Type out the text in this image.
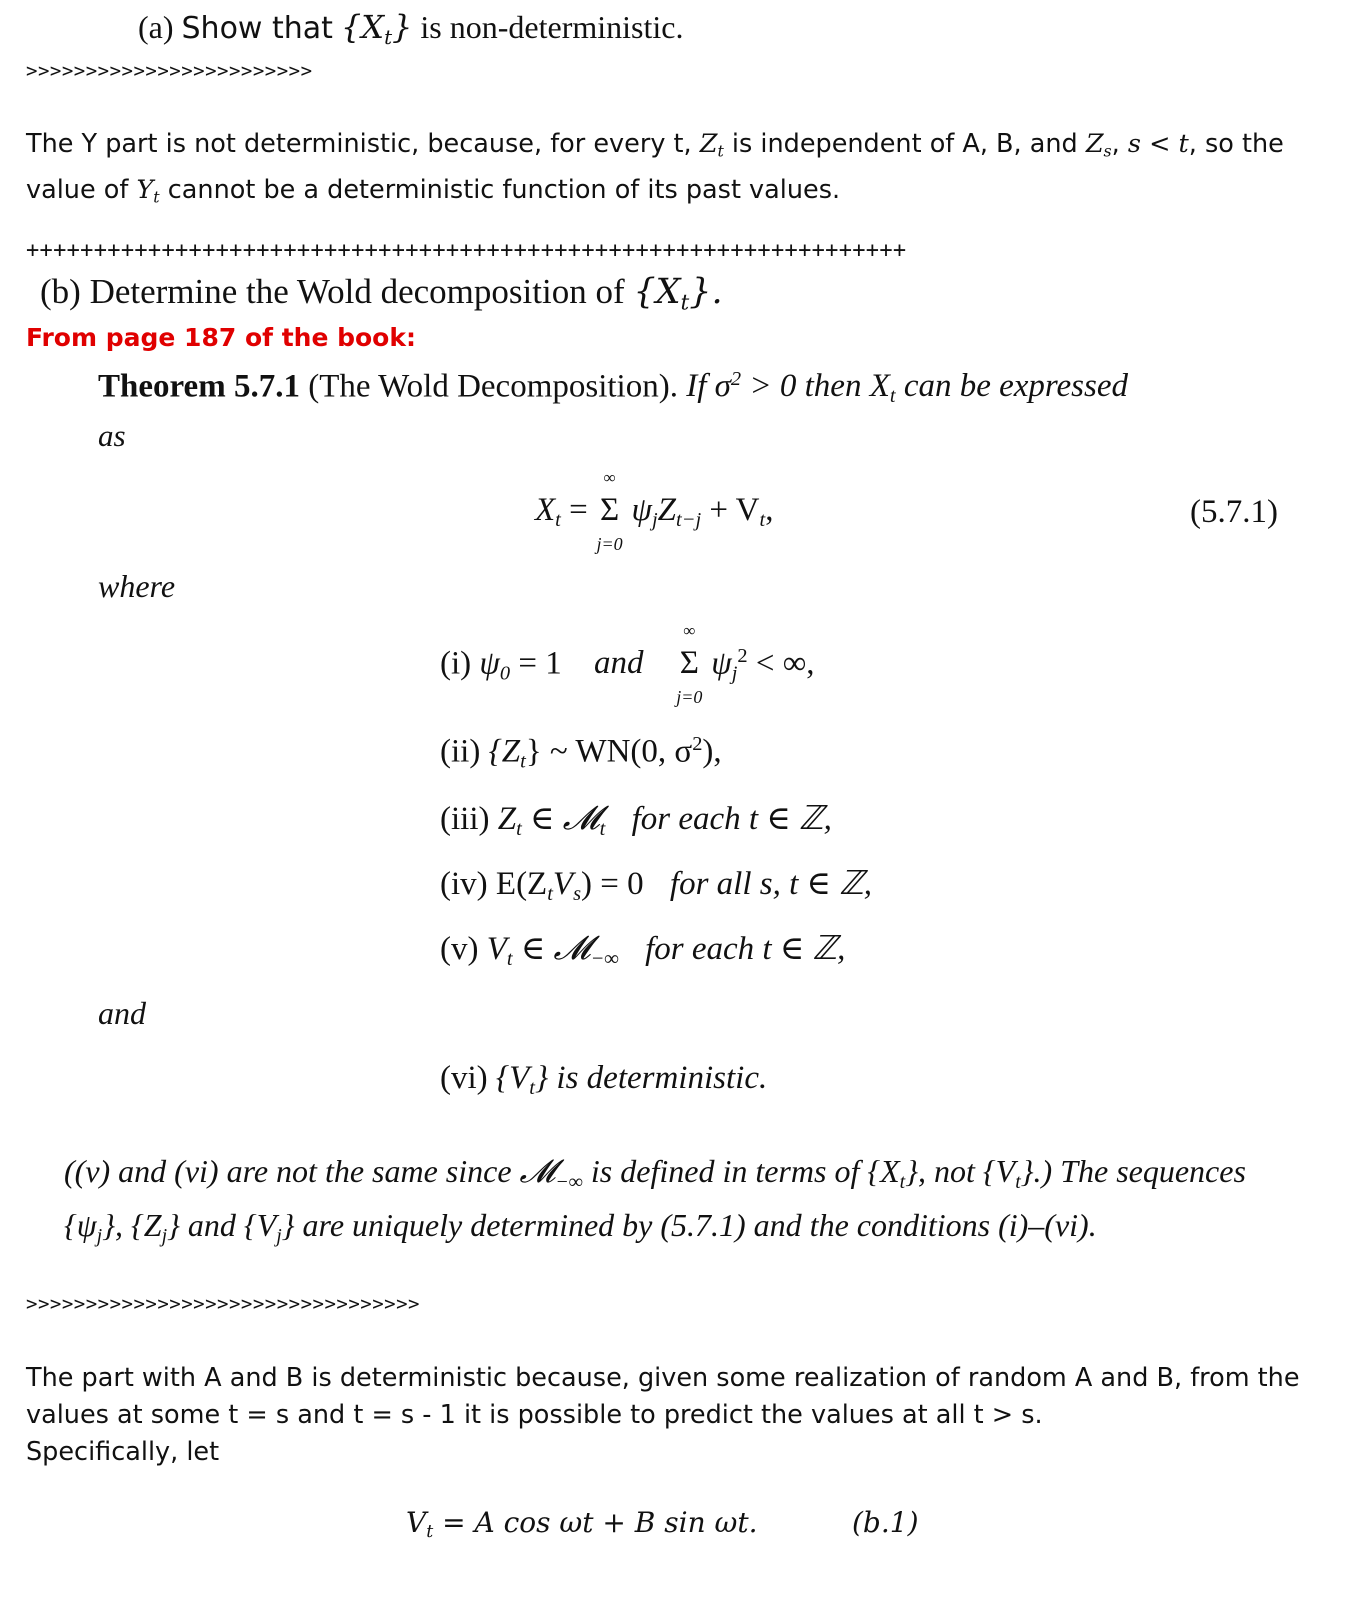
(a) Show that $\{X_t\}$ is non-deterministic.
>>>>>>>>>>>>>>>>>>>>>>>>
The Y part is not deterministic, because, for every t, $Z_t$ is independent of A, B, and $Z_s$, s < t, so the
value of $Y_t$ cannot be a deterministic function of its past values.
+++++++++++++++++++++++++++++++++++++++++++++++++++++++++++++++++
(b) Determine the Wold decomposition of $\{X_t\}$.
From page 187 of the book:
Theorem 5.7.1 (The Wold Decomposition). If $\sigma^2 > 0$ then $X_t$ can be expressed
as
$X_t$ =
∞
Σ
j=0
$\psi_jZ_{t-j} + V_t$,	(5.7.1)
where
(i) $\psi_0 = 1$ and
∞
Σ
j=0
$\psi_j^2$ < ∞,
(ii) $\{Z_t\}$ ~ WN(0, $\sigma^2$),
(iii) $Z_t$ ∈ 𝓜$_t$ for each t ∈ ℤ,
(iv) $E(Z_tV_s) = 0$ for all s, t ∈ ℤ,
(v) $V_t$ ∈ 𝓜$_{-\infty}$ for each t ∈ ℤ,
and
(vi) $\{V_t\}$ is deterministic.
((v) and (vi) are not the same since 𝓜$_{-\infty}$ is defined in terms of $\{X_t\}$, not $\{V_t\}$.) The sequences $\{\psi_j\}$, $\{Z_j\}$ and $\{V_j\}$ are uniquely determined by (5.7.1) and the conditions (i)–(vi).
>>>>>>>>>>>>>>>>>>>>>>>>>>>>>>>>>
The part with A and B is deterministic because, given some realization of random A and B, from the
values at some t = s and t = s - 1 it is possible to predict the values at all t > s.
Specifically, let
$V_t = A$ cos ωt + B sin ωt.	(b.1)
